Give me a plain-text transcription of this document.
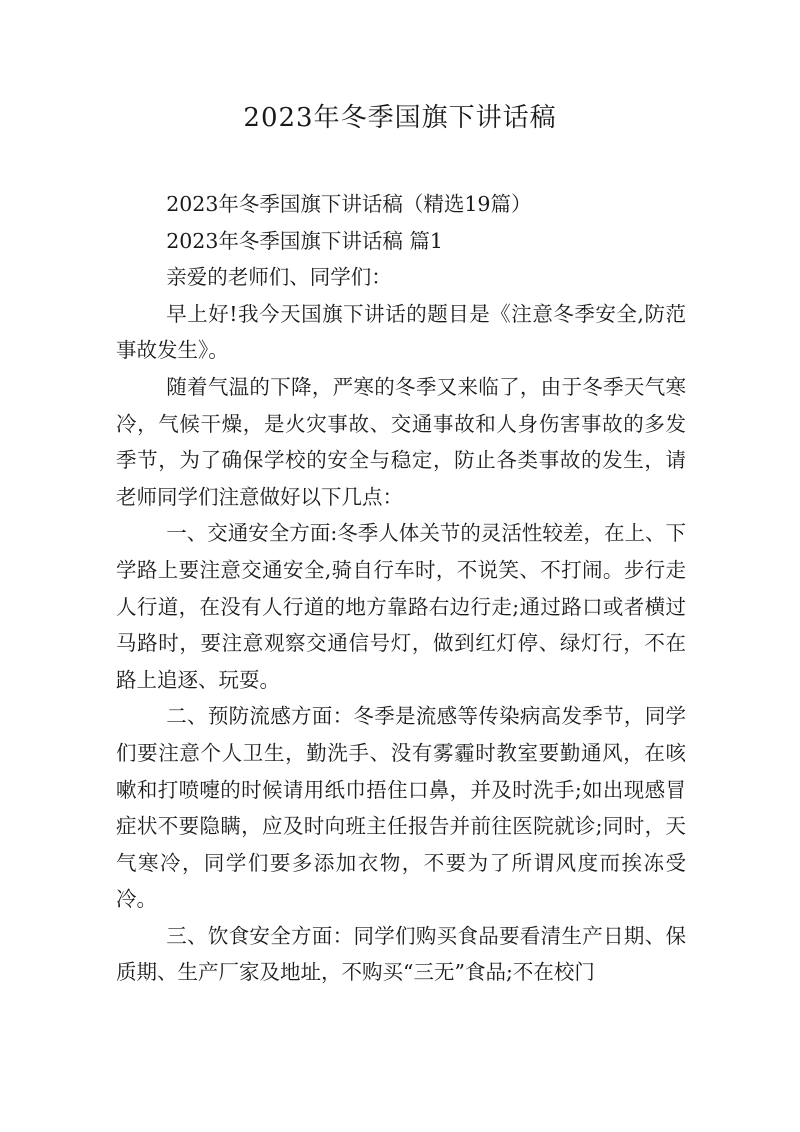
2023年冬季国旗下讲话稿

2023年冬季国旗下讲话稿（精选19篇）

2023年冬季国旗下讲话稿 篇1

亲爱的老师们、同学们：

早上好!我今天国旗下讲话的题目是《注意冬季安全,防范事故发生》。

随着气温的下降，严寒的冬季又来临了，由于冬季天气寒冷，气候干燥，是火灾事故、交通事故和人身伤害事故的多发季节，为了确保学校的安全与稳定，防止各类事故的发生，请老师同学们注意做好以下几点：

一、交通安全方面:冬季人体关节的灵活性较差，在上、下学路上要注意交通安全,骑自行车时，不说笑、不打闹。步行走人行道，在没有人行道的地方靠路右边行走;通过路口或者横过马路时，要注意观察交通信号灯，做到红灯停、绿灯行，不在路上追逐、玩耍。

二、预防流感方面：冬季是流感等传染病高发季节，同学们要注意个人卫生，勤洗手、没有雾霾时教室要勤通风，在咳嗽和打喷嚏的时候请用纸巾捂住口鼻，并及时洗手;如出现感冒症状不要隐瞒，应及时向班主任报告并前往医院就诊;同时，天气寒冷，同学们要多添加衣物，不要为了所谓风度而挨冻受冷。

三、饮食安全方面：同学们购买食品要看清生产日期、保质期、生产厂家及地址，不购买“三无”食品;不在校门
